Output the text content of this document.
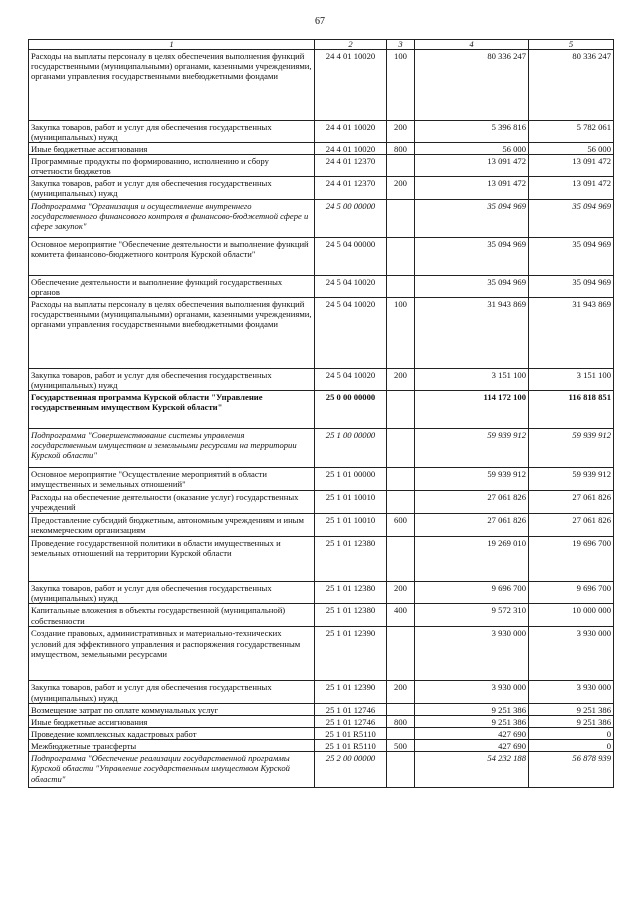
67
1	2	3	4	5
Расходы на выплаты персоналу в целях обеспечения выполнения функций государственными (муниципальными) органами, казенными учреждениями, органами управления государственными внебюджетными фондами	24 4 01 10020	100	80 336 247	80 336 247
Закупка товаров, работ и услуг для обеспечения государственных (муниципальных) нужд	24 4 01 10020	200	5 396 816	5 782 061
Иные бюджетные ассигнования	24 4 01 10020	800	56 000	56 000
Программные продукты по формированию, исполнению и сбору отчетности бюджетов	24 4 01 12370		13 091 472	13 091 472
Закупка товаров, работ и услуг для обеспечения государственных (муниципальных) нужд	24 4 01 12370	200	13 091 472	13 091 472
Подпрограмма "Организация и осуществление внутреннего государственного финансового контроля в финансово-бюджетной сфере и сфере закупок"	24 5 00 00000		35 094 969	35 094 969
Основное мероприятие "Обеспечение деятельности и выполнение функций комитета финансово-бюджетного контроля Курской области"	24 5 04 00000		35 094 969	35 094 969
Обеспечение деятельности и выполнение функций государственных органов	24 5 04 10020		35 094 969	35 094 969
Расходы на выплаты персоналу в целях обеспечения выполнения функций государственными (муниципальными) органами, казенными учреждениями, органами управления государственными внебюджетными фондами	24 5 04 10020	100	31 943 869	31 943 869
Закупка товаров, работ и услуг для обеспечения государственных (муниципальных) нужд	24 5 04 10020	200	3 151 100	3 151 100
Государственная программа Курской области "Управление государственным имуществом Курской области"	25 0 00 00000		114 172 100	116 818 851
Подпрограмма "Совершенствование системы управления государственным имуществом и земельными ресурсами на территории Курской области"	25 1 00 00000		59 939 912	59 939 912
Основное мероприятие "Осуществление мероприятий в области имущественных и земельных отношений"	25 1 01 00000		59 939 912	59 939 912
Расходы на обеспечение деятельности (оказание услуг) государственных учреждений	25 1 01 10010		27 061 826	27 061 826
Предоставление субсидий бюджетным, автономным учреждениям и иным некоммерческим организациям	25 1 01 10010	600	27 061 826	27 061 826
Проведение государственной политики в области имущественных и земельных отношений на территории Курской области	25 1 01 12380		19 269 010	19 696 700
Закупка товаров, работ и услуг для обеспечения государственных (муниципальных) нужд	25 1 01 12380	200	9 696 700	9 696 700
Капитальные вложения в объекты государственной (муниципальной) собственности	25 1 01 12380	400	9 572 310	10 000 000
Создание правовых, административных и материально-технических условий для эффективного управления и распоряжения государственным имуществом, земельными ресурсами	25 1 01 12390		3 930 000	3 930 000
Закупка товаров, работ и услуг для обеспечения государственных (муниципальных) нужд	25 1 01 12390	200	3 930 000	3 930 000
Возмещение затрат по оплате коммунальных услуг	25 1 01 12746		9 251 386	9 251 386
Иные бюджетные ассигнования	25 1 01 12746	800	9 251 386	9 251 386
Проведение комплексных кадастровых работ	25 1 01 R5110		427 690	0
Межбюджетные трансферты	25 1 01 R5110	500	427 690	0
Подпрограмма "Обеспечение реализации государственной программы Курской области "Управление государственным имуществом Курской области"	25 2 00 00000		54 232 188	56 878 939
